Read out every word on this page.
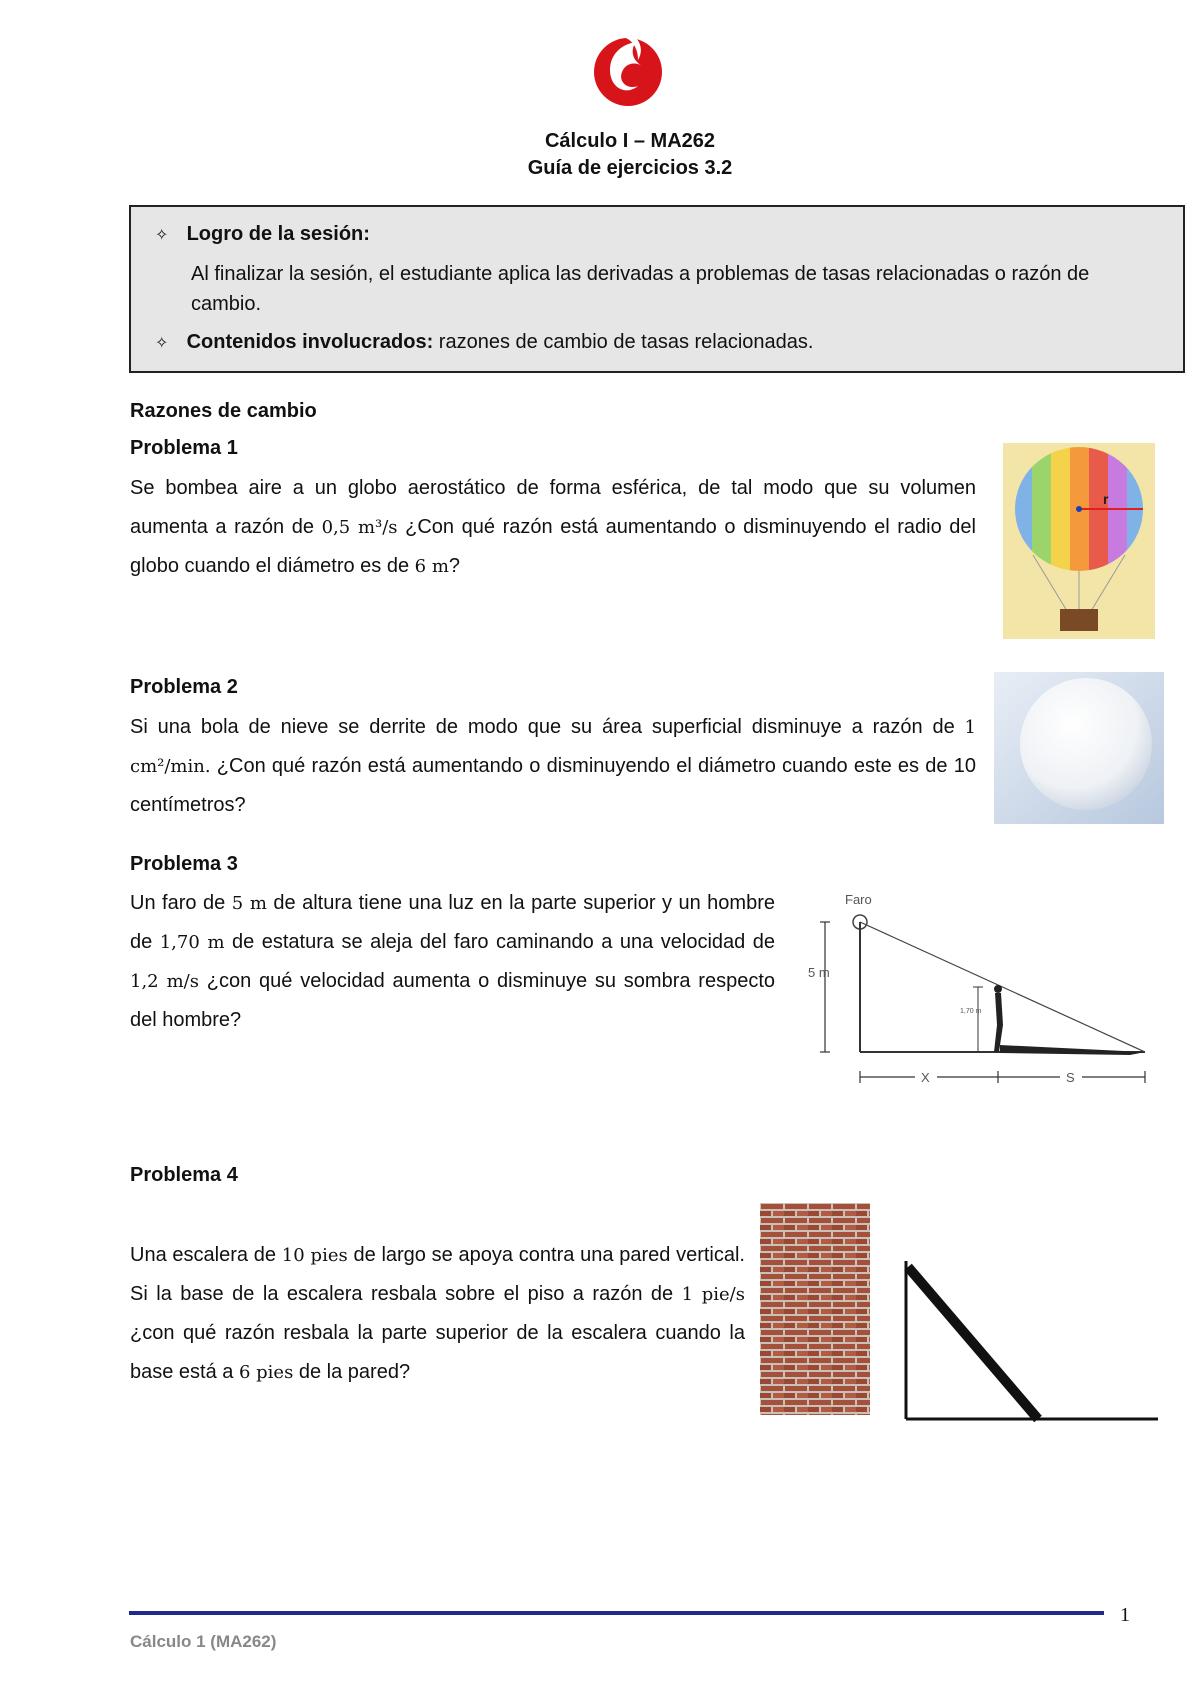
Cálculo I – MA262
Guía de ejercicios 3.2
✧ Logro de la sesión:
Al finalizar la sesión, el estudiante aplica las derivadas a problemas de tasas relacionadas o razón de cambio.
✧ Contenidos involucrados: razones de cambio de tasas relacionadas.
Razones de cambio
Problema 1
Se bombea aire a un globo aerostático de forma esférica, de tal modo que su volumen aumenta a razón de 0,5 m³/s ¿Con qué razón está aumentando o disminuyendo el radio del globo cuando el diámetro es de 6 m?
r
Problema 2
Si una bola de nieve se derrite de modo que su área superficial disminuye a razón de 1 cm²/min. ¿Con qué razón está aumentando o disminuyendo el diámetro cuando este es de 10 centímetros?
Problema 3
Un faro de 5 m de altura tiene una luz en la parte superior y un hombre de 1,70 m de estatura se aleja del faro caminando a una velocidad de 1,2 m/s ¿con qué velocidad aumenta o disminuye su sombra respecto del hombre?
Faro
5 m
1,70 m
X	S
Problema 4
Una escalera de 10 pies de largo se apoya contra una pared vertical. Si la base de la escalera resbala sobre el piso a razón de 1 pie/s ¿con qué razón resbala la parte superior de la escalera cuando la base está a 6 pies de la pared?
1
Cálculo 1 (MA262)
